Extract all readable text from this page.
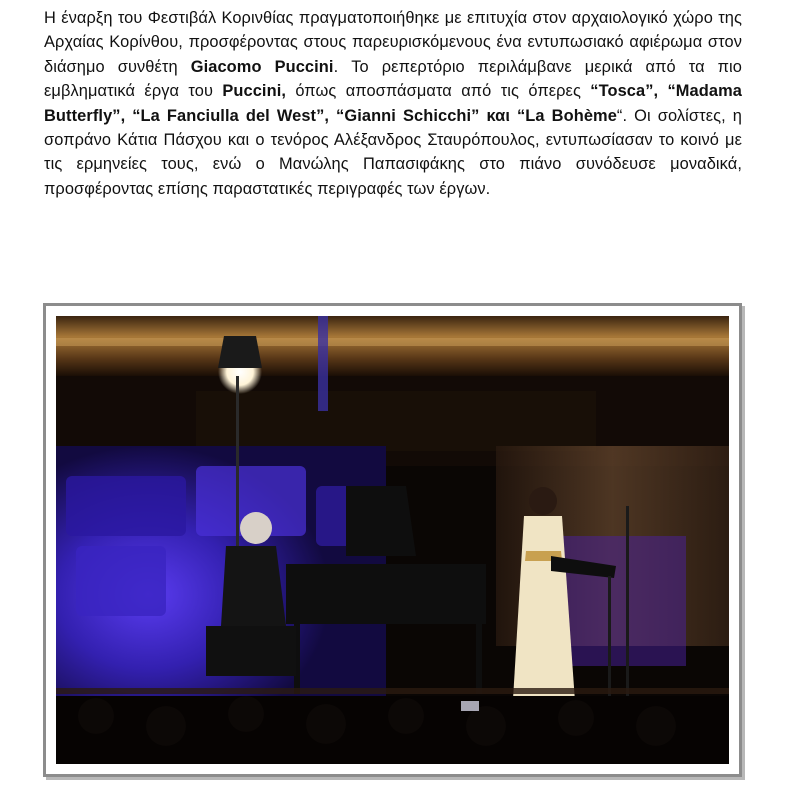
Η έναρξη του Φεστιβάλ Κορινθίας πραγματοποιήθηκε με επιτυχία στον αρχαιολογικό χώρο της Αρχαίας Κορίνθου, προσφέροντας στους παρευρισκόμενους ένα εντυπωσιακό αφιέρωμα στον διάσημο συνθέτη Giacomo Puccini. Το ρεπερτόριο περιλάμβανε μερικά από τα πιο εμβληματικά έργα του Puccini, όπως αποσπάσματα από τις όπερες “Tosca”, “Madama Butterfly”, “La Fanciulla del West”, “Gianni Schicchi” και “La Bohème“. Οι σολίστες, η σοπράνο Κάτια Πάσχου και ο τενόρος Αλέξανδρος Σταυρόπουλος, εντυπωσίασαν το κοινό με τις ερμηνείες τους, ενώ ο Μανώλης Παπασιφάκης στο πιάνο συνόδευσε μοναδικά, προσφέροντας επίσης παραστατικές περιγραφές των έργων.
